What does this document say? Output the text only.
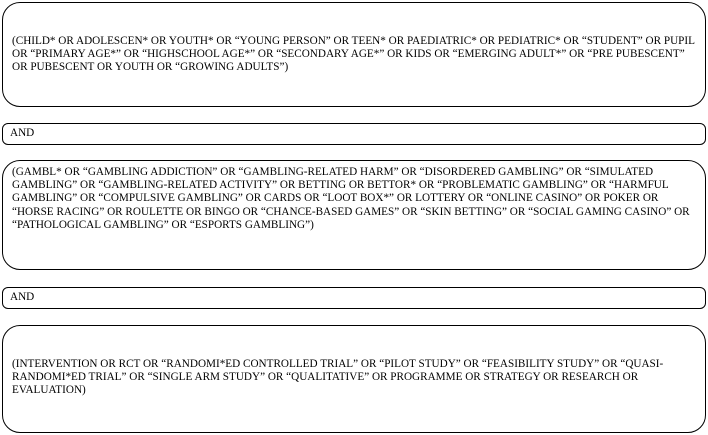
(CHILD* OR ADOLESCEN* OR YOUTH* OR “YOUNG PERSON” OR TEEN* OR PAEDIATRIC* OR PEDIATRIC* OR “STUDENT” OR PUPIL OR “PRIMARY AGE*” OR “HIGHSCHOOL AGE*” OR “SECONDARY AGE*” OR KIDS OR “EMERGING ADULT*” OR “PRE PUBESCENT” OR PUBESCENT OR YOUTH OR “GROWING ADULTS”)

AND

(GAMBL* OR “GAMBLING ADDICTION” OR “GAMBLING-RELATED HARM” OR “DISORDERED GAMBLING” OR “SIMULATED GAMBLING” OR “GAMBLING-RELATED ACTIVITY” OR BETTING OR BETTOR* OR “PROBLEMATIC GAMBLING” OR “HARMFUL GAMBLING” OR “COMPULSIVE GAMBLING” OR CARDS OR “LOOT BOX*” OR LOTTERY OR “ONLINE CASINO” OR POKER OR “HORSE RACING” OR ROULETTE OR BINGO OR “CHANCE-BASED GAMES” OR “SKIN BETTING” OR “SOCIAL GAMING CASINO” OR “PATHOLOGICAL GAMBLING” OR “ESPORTS GAMBLING”)

AND

(INTERVENTION OR RCT OR “RANDOMI*ED CONTROLLED TRIAL” OR “PILOT STUDY” OR “FEASIBILITY STUDY” OR “QUASI-RANDOMI*ED TRIAL” OR “SINGLE ARM STUDY” OR “QUALITATIVE” OR PROGRAMME OR STRATEGY OR RESEARCH OR EVALUATION)
